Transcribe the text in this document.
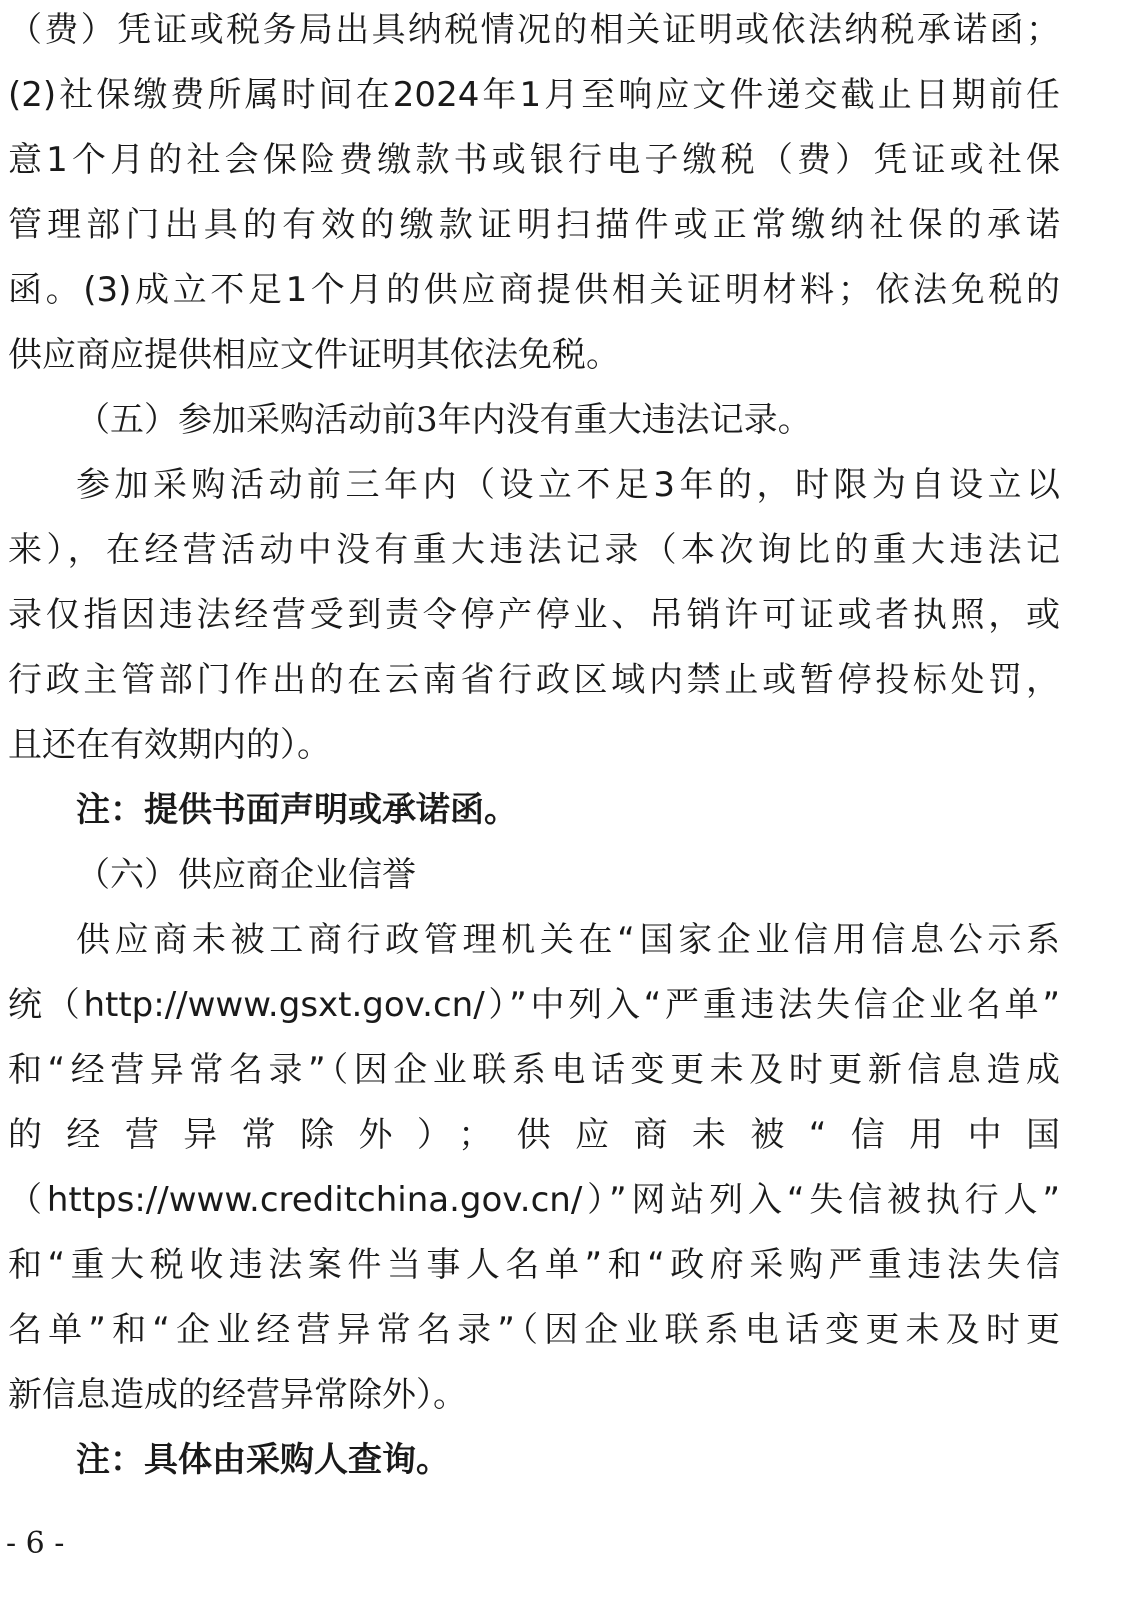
（费）凭证或税务局出具纳税情况的相关证明或依法纳税承诺函；
(2)社保缴费所属时间在2024年1月至响应文件递交截止日期前任
意1个月的社会保险费缴款书或银行电子缴税（费）凭证或社保
管理部门出具的有效的缴款证明扫描件或正常缴纳社保的承诺
函。(3)成立不足1个月的供应商提供相关证明材料；依法免税的
供应商应提供相应文件证明其依法免税。
（五）参加采购活动前3年内没有重大违法记录。
参加采购活动前三年内（设立不足3年的，时限为自设立以
来），在经营活动中没有重大违法记录（本次询比的重大违法记
录仅指因违法经营受到责令停产停业、吊销许可证或者执照，或
行政主管部门作出的在云南省行政区域内禁止或暂停投标处罚，
且还在有效期内的）。
注：提供书面声明或承诺函。
（六）供应商企业信誉
供应商未被工商行政管理机关在“国家企业信用信息公示系
统（http://www.gsxt.gov.cn/）”中列入“严重违法失信企业名单”
和“经营异常名录”（因企业联系电话变更未及时更新信息造成
的经营异常除外）；供应商未被“信用中国
（https://www.creditchina.gov.cn/）”网站列入“失信被执行人”
和“重大税收违法案件当事人名单”和“政府采购严重违法失信
名单”和“企业经营异常名录”（因企业联系电话变更未及时更
新信息造成的经营异常除外）。
注：具体由采购人查询。
- 6 -
